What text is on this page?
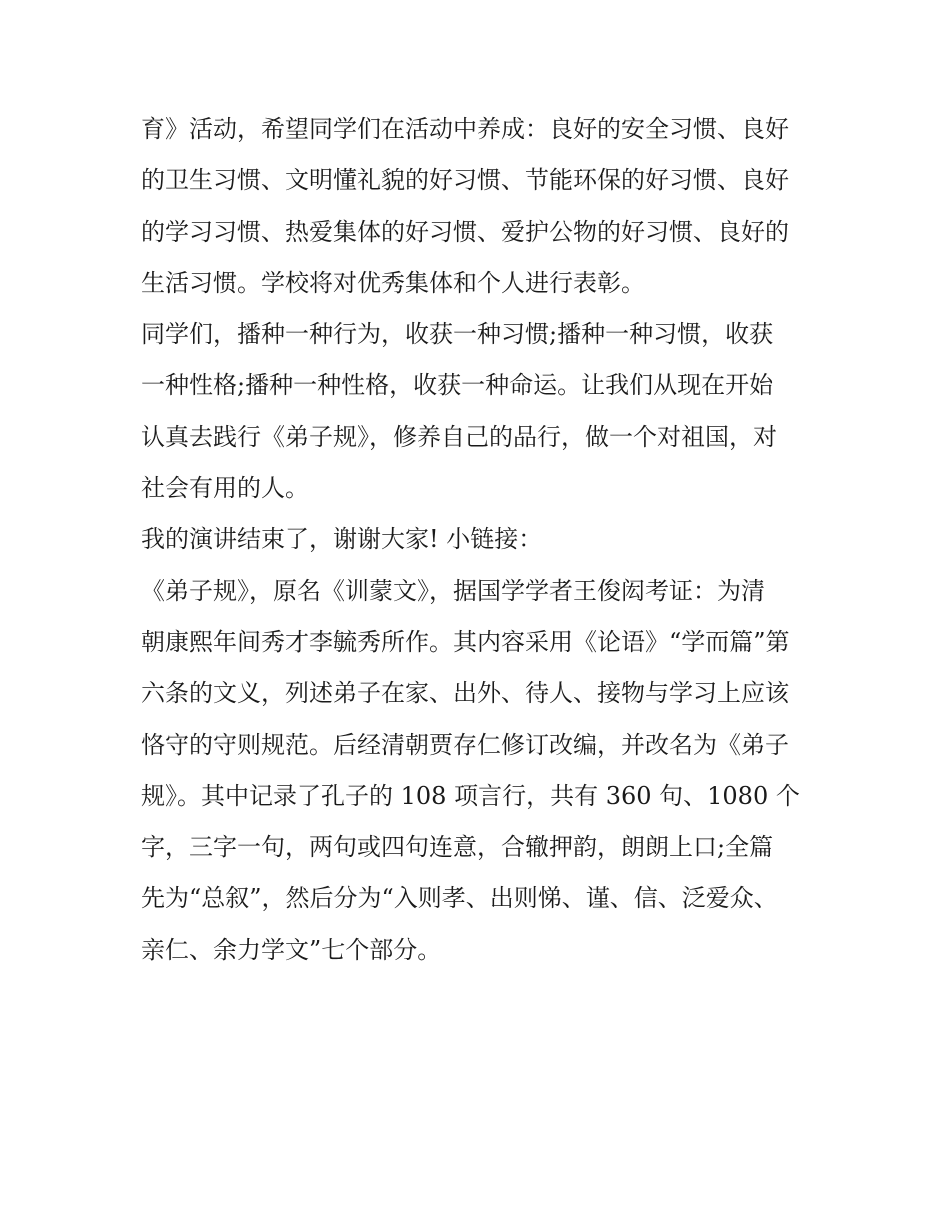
育》活动，希望同学们在活动中养成：良好的安全习惯、良好
的卫生习惯、文明懂礼貌的好习惯、节能环保的好习惯、良好
的学习习惯、热爱集体的好习惯、爱护公物的好习惯、良好的
生活习惯。学校将对优秀集体和个人进行表彰。
同学们，播种一种行为，收获一种习惯;播种一种习惯，收获
一种性格;播种一种性格，收获一种命运。让我们从现在开始
认真去践行《弟子规》，修养自己的品行，做一个对祖国，对
社会有用的人。
我的演讲结束了，谢谢大家! 小链接：
《弟子规》，原名《训蒙文》，据国学学者王俊闳考证：为清
朝康熙年间秀才李毓秀所作。其内容采用《论语》“学而篇”第
六条的文义，列述弟子在家、出外、待人、接物与学习上应该
恪守的守则规范。后经清朝贾存仁修订改编，并改名为《弟子
规》。其中记录了孔子的 108 项言行，共有 360 句、1080 个
字，三字一句，两句或四句连意，合辙押韵，朗朗上口;全篇
先为“总叙”，然后分为“入则孝、出则悌、谨、信、泛爱众、
亲仁、余力学文”七个部分。
